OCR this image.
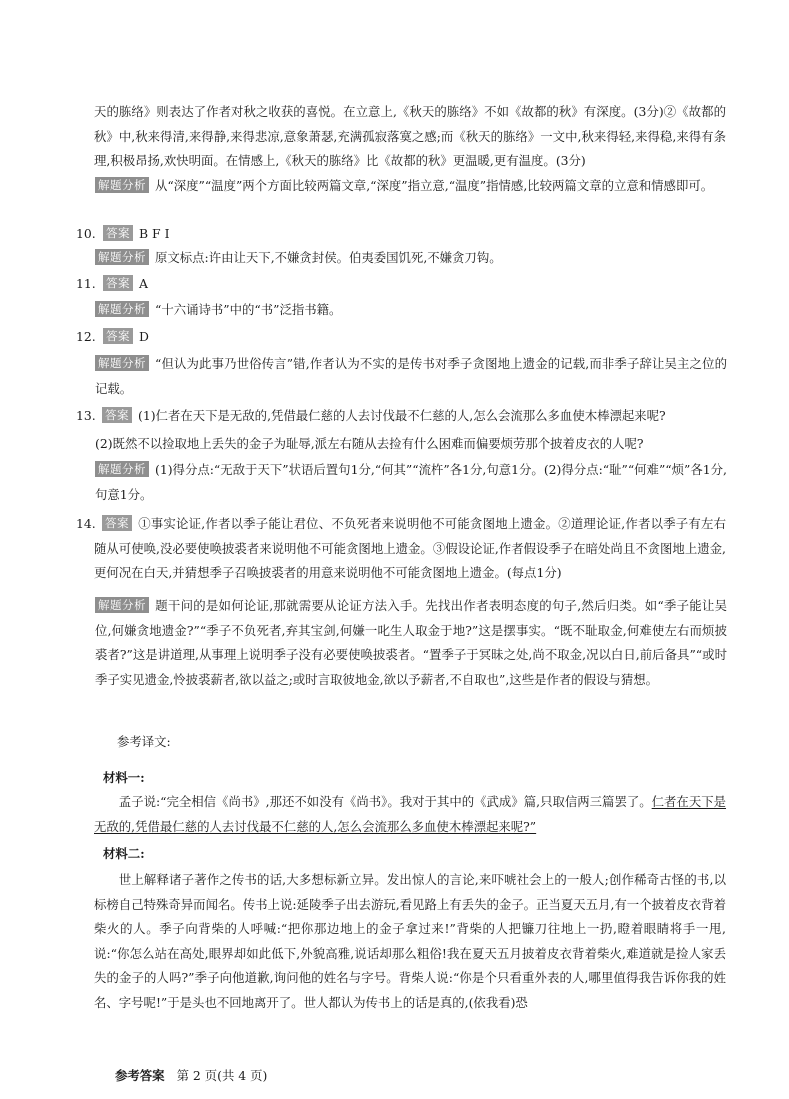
天的胨络》则表达了作者对秋之收获的喜悦。在立意上,《秋天的胨络》不如《故都的秋》有深度。(3分)②《故都的秋》中,秋来得清,来得静,来得悲凉,意象萧瑟,充满孤寂落寞之感;而《秋天的胨络》一文中,秋来得轻,来得稳,来得有条理,积极昂扬,欢快明面。在情感上,《秋天的胨络》比《故都的秋》更温暖,更有温度。(3分)
解题分析 从“深度”“温度”两个方面比较两篇文章,“深度”指立意,“温度”指情感,比较两篇文章的立意和情感即可。
10. 答案 B F I
解题分析 原文标点:许由让天下,不嫌贪封侯。伯夷委国饥死,不嫌贪刀钩。
11. 答案 A
解题分析 “十六诵诗书”中的“书”泛指书籍。
12. 答案 D
解题分析 “但认为此事乃世俗传言”错,作者认为不实的是传书对季子贪图地上遗金的记载,而非季子辞让吴主之位的记载。
13. 答案 (1)仁者在天下是无敌的,凭借最仁慈的人去讨伐最不仁慈的人,怎么会流那么多血使木棒漂起来呢?
(2)既然不以捡取地上丢失的金子为耻辱,派左右随从去捡有什么困难而偏要烦劳那个披着皮衣的人呢?
解题分析 (1)得分点:“无敌于天下”状语后置句1分,“何其”“流杵”各1分,句意1分。(2)得分点:“耻”“何难”“烦”各1分,句意1分。
14. 答案 ①事实论证,作者以季子能让君位、不负死者来说明他不可能贪图地上遗金。②道理论证,作者以季子有左右随从可使唤,没必要使唤披裘者来说明他不可能贪图地上遗金。③假设论证,作者假设季子在暗处尚且不贪图地上遗金,更何况在白天,并猜想季子召唤披裘者的用意来说明他不可能贪图地上遗金。(每点1分)
解题分析 题干问的是如何论证,那就需要从论证方法入手。先找出作者表明态度的句子,然后归类。如“季子能让吴位,何嫌贪地遗金?”“季子不负死者,弃其宝剑,何嫌一叱生人取金于地?”这是摆事实。“既不耻取金,何难使左右而烦披裘者?”这是讲道理,从事理上说明季子没有必要使唤披裘者。“置季子于冥昧之处,尚不取金,况以白日,前后备具”“或时季子实见遗金,怜披裘薪者,欲以益之;或时言取彼地金,欲以予薪者,不自取也”,这些是作者的假设与猜想。
参考译文:
材料一:
孟子说:“完全相信《尚书》,那还不如没有《尚书》。我对于其中的《武成》篇,只取信两三篇罢了。仁者在天下是无敌的,凭借最仁慈的人去讨伐最不仁慈的人,怎么会流那么多血使木棒漂起来呢?”
材料二:
世上解释诸子著作之传书的话,大多想标新立异。发出惊人的言论,来吓唬社会上的一般人;创作稀奇古怪的书,以标榜自己特殊奇异而闻名。传书上说:延陵季子出去游玩,看见路上有丢失的金子。正当夏天五月,有一个披着皮衣背着柴火的人。季子向背柴的人呼喊:“把你那边地上的金子拿过来!”背柴的人把镰刀往地上一扔,瞪着眼睛将手一甩,说:“你怎么站在高处,眼界却如此低下,外貌高雅,说话却那么粗俗!我在夏天五月披着皮衣背着柴火,难道就是捡人家丢失的金子的人吗?”季子向他道歉,询问他的姓名与字号。背柴人说:“你是个只看重外表的人,哪里值得我告诉你我的姓名、字号呢!”于是头也不回地离开了。世人都认为传书上的话是真的,(依我看)恐
参考答案 第 2 页(共 4 页)
